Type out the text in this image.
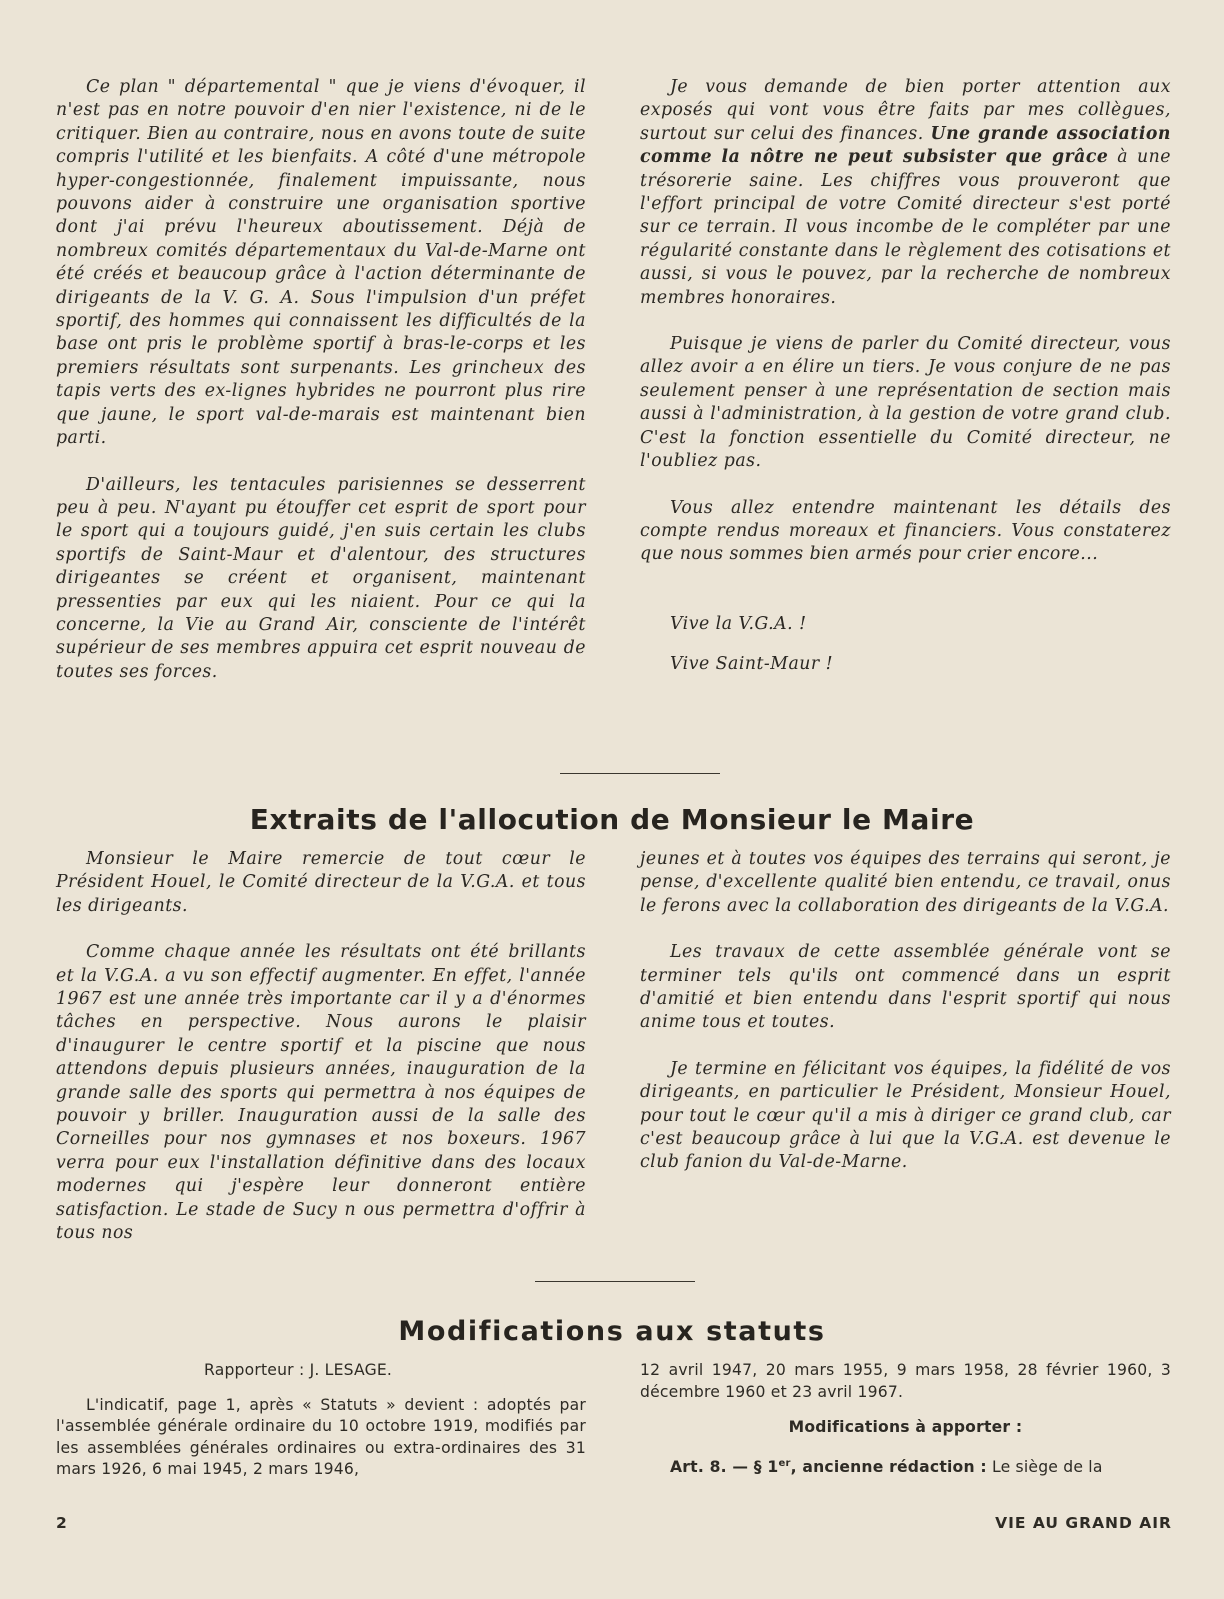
Ce plan " départemental " que je viens d'évoquer, il n'est pas en notre pouvoir d'en nier l'existence, ni de le critiquer. Bien au contraire, nous en avons toute de suite compris l'utilité et les bienfaits. A côté d'une métropole hyper-congestionnée, finalement impuissante, nous pouvons aider à construire une organisation sportive dont j'ai prévu l'heureux aboutissement. Déjà de nombreux comités départementaux du Val-de-Marne ont été créés et beaucoup grâce à l'action déterminante de dirigeants de la V. G. A. Sous l'impulsion d'un préfet sportif, des hommes qui connaissent les difficultés de la base ont pris le problème sportif à bras-le-corps et les premiers résultats sont surpenants. Les grincheux des tapis verts des ex-lignes hybrides ne pourront plus rire que jaune, le sport val-de-marais est maintenant bien parti.

D'ailleurs, les tentacules parisiennes se desserrent peu à peu. N'ayant pu étouffer cet esprit de sport pour le sport qui a toujours guidé, j'en suis certain les clubs sportifs de Saint-Maur et d'alentour, des structures dirigeantes se créent et organisent, maintenant pressenties par eux qui les niaient. Pour ce qui la concerne, la Vie au Grand Air, consciente de l'intérêt supérieur de ses membres appuira cet esprit nouveau de toutes ses forces.

Je vous demande de bien porter attention aux exposés qui vont vous être faits par mes collègues, surtout sur celui des finances. Une grande association comme la nôtre ne peut subsister que grâce à une trésorerie saine. Les chiffres vous prouveront que l'effort principal de votre Comité directeur s'est porté sur ce terrain. Il vous incombe de le compléter par une régularité constante dans le règlement des cotisations et aussi, si vous le pouvez, par la recherche de nombreux membres honoraires.

Puisque je viens de parler du Comité directeur, vous allez avoir a en élire un tiers. Je vous conjure de ne pas seulement penser à une représentation de section mais aussi à l'administration, à la gestion de votre grand club. C'est la fonction essentielle du Comité directeur, ne l'oubliez pas.

Vous allez entendre maintenant les détails des compte rendus moreaux et financiers. Vous constaterez que nous sommes bien armés pour crier encore...

Vive la V.G.A. !

Vive Saint-Maur !

Extraits de l'allocution de Monsieur le Maire

Monsieur le Maire remercie de tout cœur le Président Houel, le Comité directeur de la V.G.A. et tous les dirigeants.

Comme chaque année les résultats ont été brillants et la V.G.A. a vu son effectif augmenter. En effet, l'année 1967 est une année très importante car il y a d'énormes tâches en perspective. Nous aurons le plaisir d'inaugurer le centre sportif et la piscine que nous attendons depuis plusieurs années, inauguration de la grande salle des sports qui permettra à nos équipes de pouvoir y briller. Inauguration aussi de la salle des Corneilles pour nos gymnases et nos boxeurs. 1967 verra pour eux l'installation définitive dans des locaux modernes qui j'espère leur donneront entière satisfaction. Le stade de Sucy n ous permettra d'offrir à tous nos

jeunes et à toutes vos équipes des terrains qui seront, je pense, d'excellente qualité bien entendu, ce travail, onus le ferons avec la collaboration des dirigeants de la V.G.A.

Les travaux de cette assemblée générale vont se terminer tels qu'ils ont commencé dans un esprit d'amitié et bien entendu dans l'esprit sportif qui nous anime tous et toutes.

Je termine en félicitant vos équipes, la fidélité de vos dirigeants, en particulier le Président, Monsieur Houel, pour tout le cœur qu'il a mis à diriger ce grand club, car c'est beaucoup grâce à lui que la V.G.A. est devenue le club fanion du Val-de-Marne.

Modifications aux statuts

Rapporteur : J. LESAGE.

L'indicatif, page 1, après « Statuts » devient : adoptés par l'assemblée générale ordinaire du 10 octobre 1919, modifiés par les assemblées générales ordinaires ou extra-ordinaires des 31 mars 1926, 6 mai 1945, 2 mars 1946,

12 avril 1947, 20 mars 1955, 9 mars 1958, 28 février 1960, 3 décembre 1960 et 23 avril 1967.

Modifications à apporter :

Art. 8. — § 1er, ancienne rédaction : Le siège de la

2	VIE AU GRAND AIR
